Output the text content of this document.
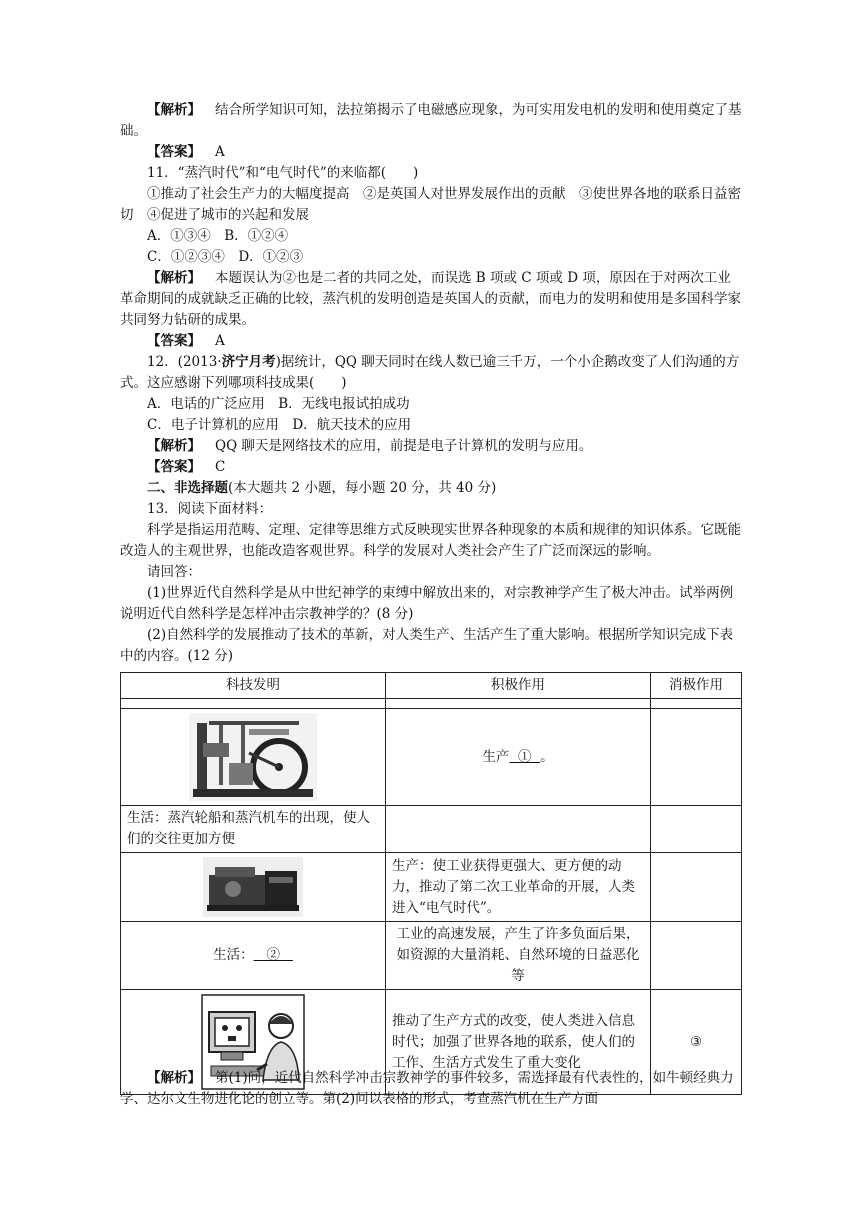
【解析】 结合所学知识可知，法拉第揭示了电磁感应现象，为可实用发电机的发明和使用奠定了基础。

【答案】 A

11．“蒸汽时代”和“电气时代”的来临都(　　)

①推动了社会生产力的大幅度提高　②是英国人对世界发展作出的贡献　③使世界各地的联系日益密切　④促进了城市的兴起和发展

A．①③④　 B．①②④

C．①②③④　 D．①②③

【解析】 本题误认为②也是二者的共同之处，而误选 B 项或 C 项或 D 项，原因在于对两次工业革命期间的成就缺乏正确的比较，蒸汽机的发明创造是英国人的贡献，而电力的发明和使用是多国科学家共同努力钻研的成果。

【答案】 A

12．(2013·济宁月考)据统计，QQ 聊天同时在线人数已逾三千万，一个小企鹅改变了人们沟通的方式。这应感谢下列哪项科技成果(　　)

A．电话的广泛应用　 B．无线电报试拍成功

C．电子计算机的应用　 D．航天技术的应用

【解析】 QQ 聊天是网络技术的应用，前提是电子计算机的发明与应用。

【答案】 C

二、非选择题(本大题共 2 小题，每小题 20 分，共 40 分)

13．阅读下面材料：

科学是指运用范畴、定理、定律等思维方式反映现实世界各种现象的本质和规律的知识体系。它既能改造人的主观世界，也能改造客观世界。科学的发展对人类社会产生了广泛而深远的影响。

请回答：

(1)世界近代自然科学是从中世纪神学的束缚中解放出来的，对宗教神学产生了极大冲击。试举两例说明近代自然科学是怎样冲击宗教神学的？(8 分)

(2)自然科学的发展推动了技术的革新，对人类生产、生活产生了重大影响。根据所学知识完成下表中的内容。(12 分)

科技发明	积极作用	消极作用

	生产 ① 。	
生活：蒸汽轮船和蒸汽机车的出现，使人们的交往更加方便		
	生产：使工业获得更强大、更方便的动力，推动了第二次工业革命的开展，人类进入“电气时代”。	
生活： ②	工业的高速发展，产生了许多负面后果，如资源的大量消耗、自然环境的日益恶化等	
	推动了生产方式的改变，使人类进入信息时代；加强了世界各地的联系，使人们的工作、生活方式发生了重大变化	③

【解析】 第(1)问，近代自然科学冲击宗教神学的事件较多，需选择最有代表性的，如牛顿经典力学、达尔文生物进化论的创立等。第(2)问以表格的形式，考查蒸汽机在生产方面
